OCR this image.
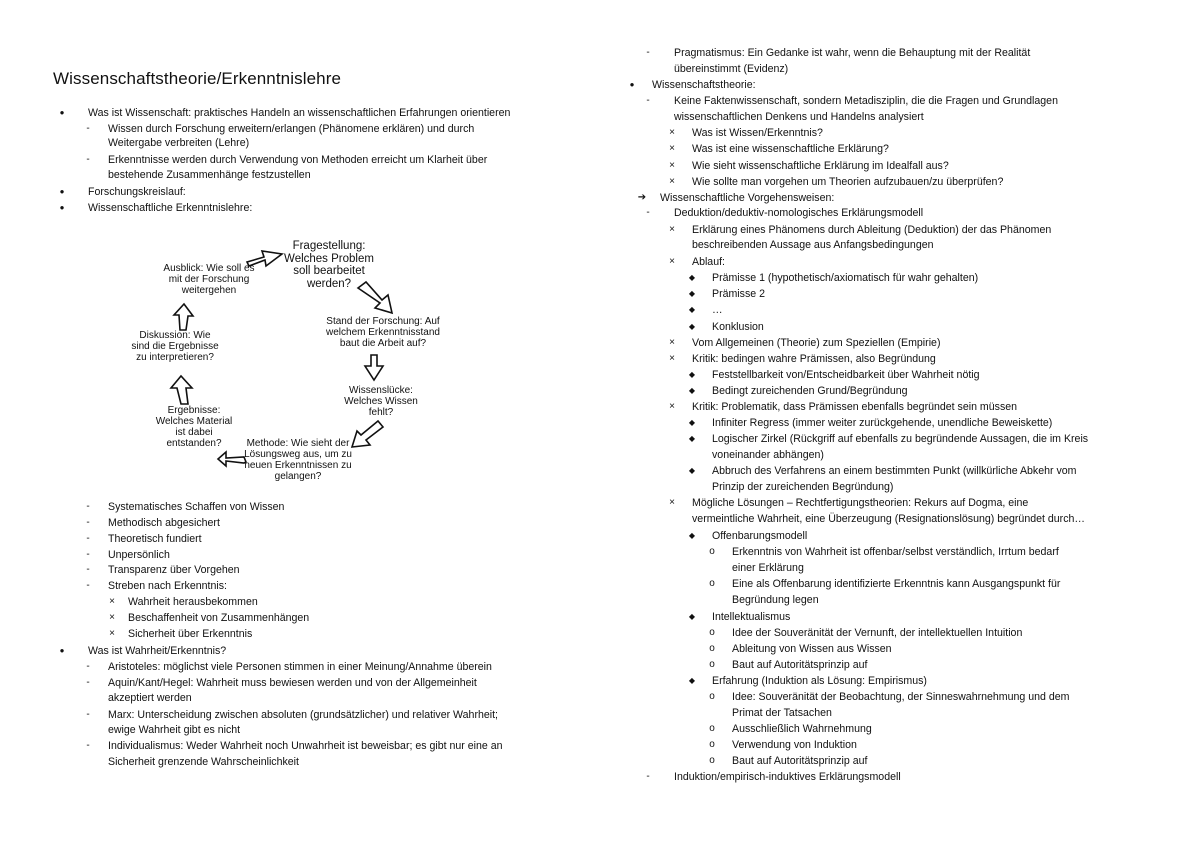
Wissenschaftstheorie/Erkenntnislehre
●	Was ist Wissenschaft: praktisches Handeln an wissenschaftlichen Erfahrungen orientieren
-	Wissen durch Forschung erweitern/erlangen (Phänomene erklären) und durch
Weitergabe verbreiten (Lehre)
-	Erkenntnisse werden durch Verwendung von Methoden erreicht um Klarheit über
bestehende Zusammenhänge festzustellen
●	Forschungskreislauf:
●	Wissenschaftliche Erkenntnislehre:
Fragestellung: Welches Problem soll bearbeitet werden?
Stand der Forschung: Auf welchem Erkenntnisstand baut die Arbeit auf?
Wissenslücke: Welches Wissen fehlt?
Methode: Wie sieht der Lösungsweg aus, um zu neuen Erkenntnissen zu gelangen?
Ergebnisse: Welches Material ist dabei entstanden?
Diskussion: Wie sind die Ergebnisse zu interpretieren?
Ausblick: Wie soll es mit der Forschung weitergehen
-	Systematisches Schaffen von Wissen
-	Methodisch abgesichert
-	Theoretisch fundiert
-	Unpersönlich
-	Transparenz über Vorgehen
-	Streben nach Erkenntnis:
×	Wahrheit herausbekommen
×	Beschaffenheit von Zusammenhängen
×	Sicherheit über Erkenntnis
●	Was ist Wahrheit/Erkenntnis?
-	Aristoteles: möglichst viele Personen stimmen in einer Meinung/Annahme überein
-	Aquin/Kant/Hegel: Wahrheit muss bewiesen werden und von der Allgemeinheit
akzeptiert werden
-	Marx: Unterscheidung zwischen absoluten (grundsätzlicher) und relativer Wahrheit;
ewige Wahrheit gibt es nicht
-	Individualismus: Weder Wahrheit noch Unwahrheit ist beweisbar; es gibt nur eine an
Sicherheit grenzende Wahrscheinlichkeit
-	Pragmatismus: Ein Gedanke ist wahr, wenn die Behauptung mit der Realität
übereinstimmt (Evidenz)
●	Wissenschaftstheorie:
-	Keine Faktenwissenschaft, sondern Metadisziplin, die die Fragen und Grundlagen
wissenschaftlichen Denkens und Handelns analysiert
×	Was ist Wissen/Erkenntnis?
×	Was ist eine wissenschaftliche Erklärung?
×	Wie sieht wissenschaftliche Erklärung im Idealfall aus?
×	Wie sollte man vorgehen um Theorien aufzubauen/zu überprüfen?
➔ Wissenschaftliche Vorgehensweisen:
-	Deduktion/deduktiv-nomologisches Erklärungsmodell
×	Erklärung eines Phänomens durch Ableitung (Deduktion) der das Phänomen
beschreibenden Aussage aus Anfangsbedingungen
×	Ablauf:
◆	Prämisse 1 (hypothetisch/axiomatisch für wahr gehalten)
◆	Prämisse 2
◆	…
◆	Konklusion
×	Vom Allgemeinen (Theorie) zum Speziellen (Empirie)
×	Kritik: bedingen wahre Prämissen, also Begründung
◆	Feststellbarkeit von/Entscheidbarkeit über Wahrheit nötig
◆	Bedingt zureichenden Grund/Begründung
×	Kritik: Problematik, dass Prämissen ebenfalls begründet sein müssen
◆	Infiniter Regress (immer weiter zurückgehende, unendliche Beweiskette)
◆	Logischer Zirkel (Rückgriff auf ebenfalls zu begründende Aussagen, die im Kreis
voneinander abhängen)
◆	Abbruch des Verfahrens an einem bestimmten Punkt (willkürliche Abkehr vom
Prinzip der zureichenden Begründung)
×	Mögliche Lösungen – Rechtfertigungstheorien: Rekurs auf Dogma, eine
vermeintliche Wahrheit, eine Überzeugung (Resignationslösung) begründet durch…
◆	Offenbarungsmodell
o	Erkenntnis von Wahrheit ist offenbar/selbst verständlich, Irrtum bedarf
einer Erklärung
o	Eine als Offenbarung identifizierte Erkenntnis kann Ausgangspunkt für
Begründung legen
◆	Intellektualismus
o	Idee der Souveränität der Vernunft, der intellektuellen Intuition
o	Ableitung von Wissen aus Wissen
o	Baut auf Autoritätsprinzip auf
◆	Erfahrung (Induktion als Lösung: Empirismus)
o	Idee: Souveränität der Beobachtung, der Sinneswahrnehmung und dem
Primat der Tatsachen
o	Ausschließlich Wahrnehmung
o	Verwendung von Induktion
o	Baut auf Autoritätsprinzip auf
-	Induktion/empirisch-induktives Erklärungsmodell
